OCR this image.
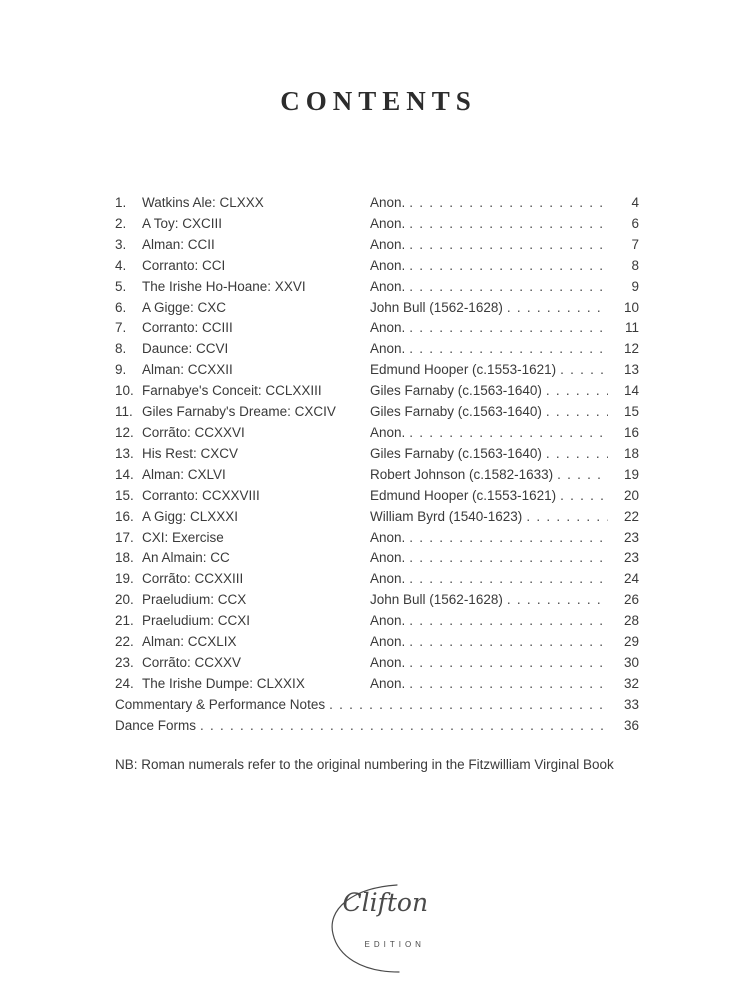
CONTENTS
1.	Watkins Ale: CLXXX	Anon. . . .	4
2.	A Toy: CXCIII	Anon. . . .	6
3.	Alman: CCII	Anon. . . .	7
4.	Corranto: CCI	Anon. . . .	8
5.	The Irishe Ho-Hoane: XXVI	Anon. . . .	9
6.	A Gigge: CXC	John Bull (1562-1628) . . .	10
7.	Corranto: CCIII	Anon. . . .	11
8.	Daunce: CCVI	Anon. . . .	12
9.	Alman: CCXXII	Edmund Hooper (c.1553-1621) . . .	13
10. Farnabye's Conceit: CCLXXIII	Giles Farnaby (c.1563-1640) . . .	14
11. Giles Farnaby's Dreame: CXCIV	Giles Farnaby (c.1563-1640) . . .	15
12. Corrãto: CCXXVI	Anon. . . .	16
13. His Rest: CXCV	Giles Farnaby (c.1563-1640) . . .	18
14. Alman: CXLVI	Robert Johnson (c.1582-1633) . . .	19
15. Corranto: CCXXVIII	Edmund Hooper (c.1553-1621) . . .	20
16. A Gigg: CLXXXI	William Byrd (1540-1623) . . .	22
17. CXI: Exercise	Anon. . . .	23
18. An Almain: CC	Anon. . . .	23
19. Corrãto: CCXXIII	Anon. . . .	24
20. Praeludium: CCX	John Bull (1562-1628) . . .	26
21. Praeludium: CCXI	Anon. . . .	28
22. Alman: CCXLIX	Anon. . . .	29
23. Corrãto: CCXXV	Anon. . . .	30
24. The Irishe Dumpe: CLXXIX	Anon. . . .	32
Commentary & Performance Notes . . .	33
Dance Forms . . .	36
NB: Roman numerals refer to the original numbering in the Fitzwilliam Virginal Book
Clifton
EDITION
